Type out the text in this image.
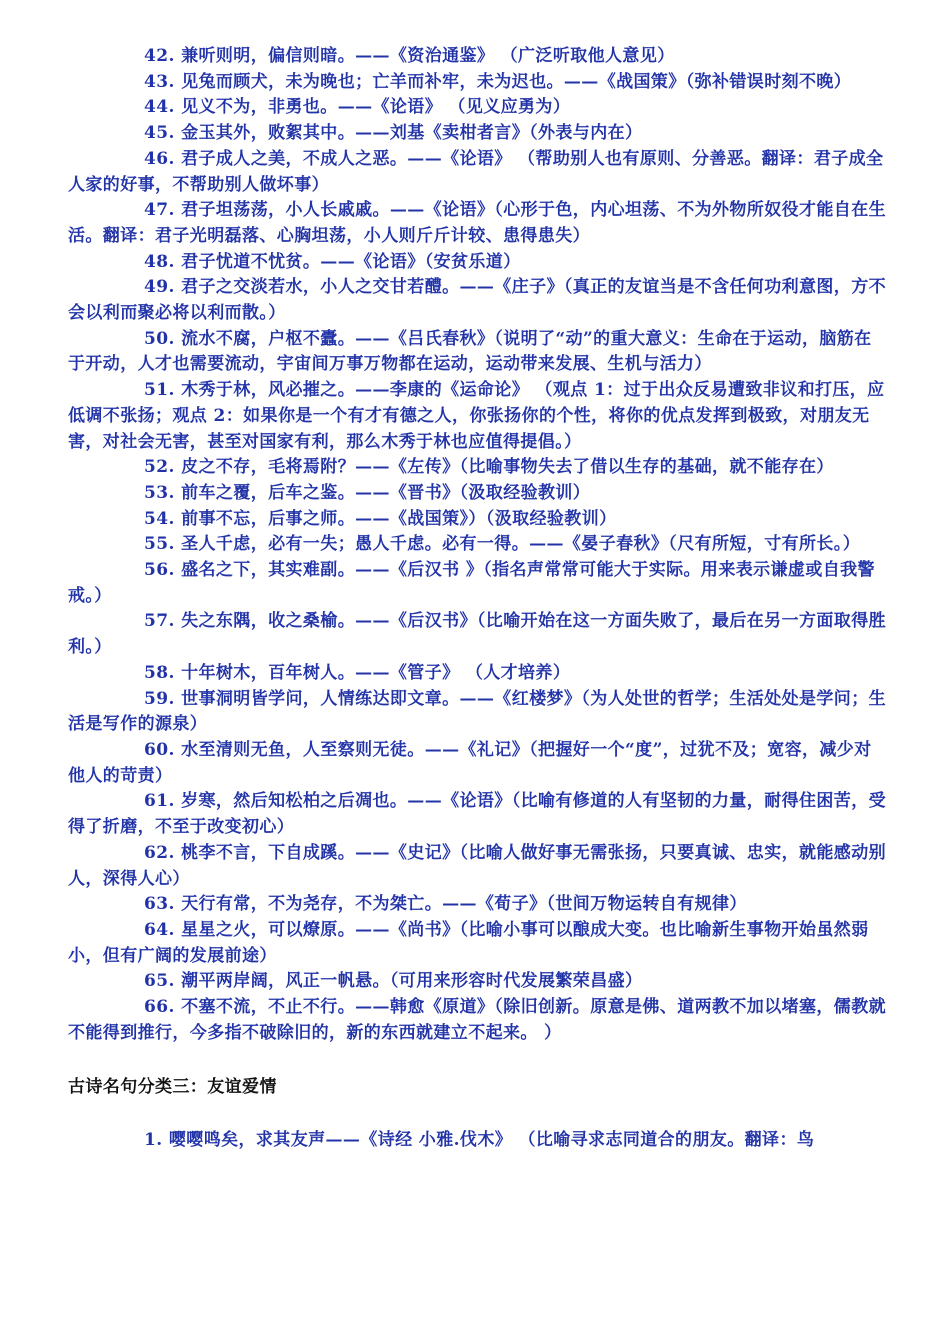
42. 兼听则明，偏信则暗。——《资治通鉴》 （广泛听取他人意见）

43. 见兔而顾犬，未为晚也；亡羊而补牢，未为迟也。——《战国策》（弥补错误时刻不晚）

44. 见义不为，非勇也。——《论语》 （见义应勇为）

45. 金玉其外，败絮其中。——刘基《卖柑者言》（外表与内在）

46. 君子成人之美，不成人之恶。——《论语》 （帮助别人也有原则、分善恶。翻译：君子成全人家的好事，不帮助别人做坏事）

47. 君子坦荡荡，小人长戚戚。——《论语》（心形于色，内心坦荡、不为外物所奴役才能自在生活。翻译：君子光明磊落、心胸坦荡，小人则斤斤计较、患得患失）

48. 君子忧道不忧贫。——《论语》（安贫乐道）

49. 君子之交淡若水，小人之交甘若醴。——《庄子》（真正的友谊当是不含任何功利意图，方不会以利而聚必将以利而散。）

50. 流水不腐，户枢不蠹。——《吕氏春秋》（说明了“动”的重大意义：生命在于运动，脑筋在于开动，人才也需要流动，宇宙间万事万物都在运动，运动带来发展、生机与活力）

51. 木秀于林，风必摧之。——李康的《运命论》 （观点 1：过于出众反易遭致非议和打压，应低调不张扬；观点 2：如果你是一个有才有德之人，你张扬你的个性，将你的优点发挥到极致，对朋友无害，对社会无害，甚至对国家有利，那么木秀于林也应值得提倡。）

52. 皮之不存，毛将焉附？——《左传》（比喻事物失去了借以生存的基础，就不能存在）

53. 前车之覆，后车之鉴。——《晋书》（汲取经验教训）

54. 前事不忘，后事之师。——《战国策》）（汲取经验教训）

55. 圣人千虑，必有一失；愚人千虑。必有一得。——《晏子春秋》（尺有所短，寸有所长。）

56. 盛名之下，其实难副。——《后汉书 》（指名声常常可能大于实际。用来表示谦虚或自我警戒。）

57. 失之东隅，收之桑榆。——《后汉书》（比喻开始在这一方面失败了，最后在另一方面取得胜利。）

58. 十年树木，百年树人。——《管子》 （人才培养）

59. 世事洞明皆学问，人情练达即文章。——《红楼梦》（为人处世的哲学；生活处处是学问；生活是写作的源泉）

60. 水至清则无鱼，人至察则无徒。——《礼记》（把握好一个“度”，过犹不及；宽容，减少对他人的苛责）

61. 岁寒，然后知松柏之后凋也。——《论语》（比喻有修道的人有坚韧的力量，耐得住困苦，受得了折磨，不至于改变初心）

62. 桃李不言，下自成蹊。——《史记》（比喻人做好事无需张扬，只要真诚、忠实，就能感动别人，深得人心）

63. 天行有常，不为尧存，不为桀亡。——《荀子》（世间万物运转自有规律）

64. 星星之火，可以燎原。——《尚书》（比喻小事可以酿成大变。也比喻新生事物开始虽然弱小，但有广阔的发展前途）

65. 潮平两岸阔，风正一帆悬。（可用来形容时代发展繁荣昌盛）

66. 不塞不流，不止不行。——韩愈《原道》（除旧创新。原意是佛、道两教不加以堵塞，儒教就不能得到推行，今多指不破除旧的，新的东西就建立不起来。 ）

古诗名句分类三：友谊爱情

1. 嘤嘤鸣矣，求其友声——《诗经 小雅.伐木》 （比喻寻求志同道合的朋友。翻译：鸟
